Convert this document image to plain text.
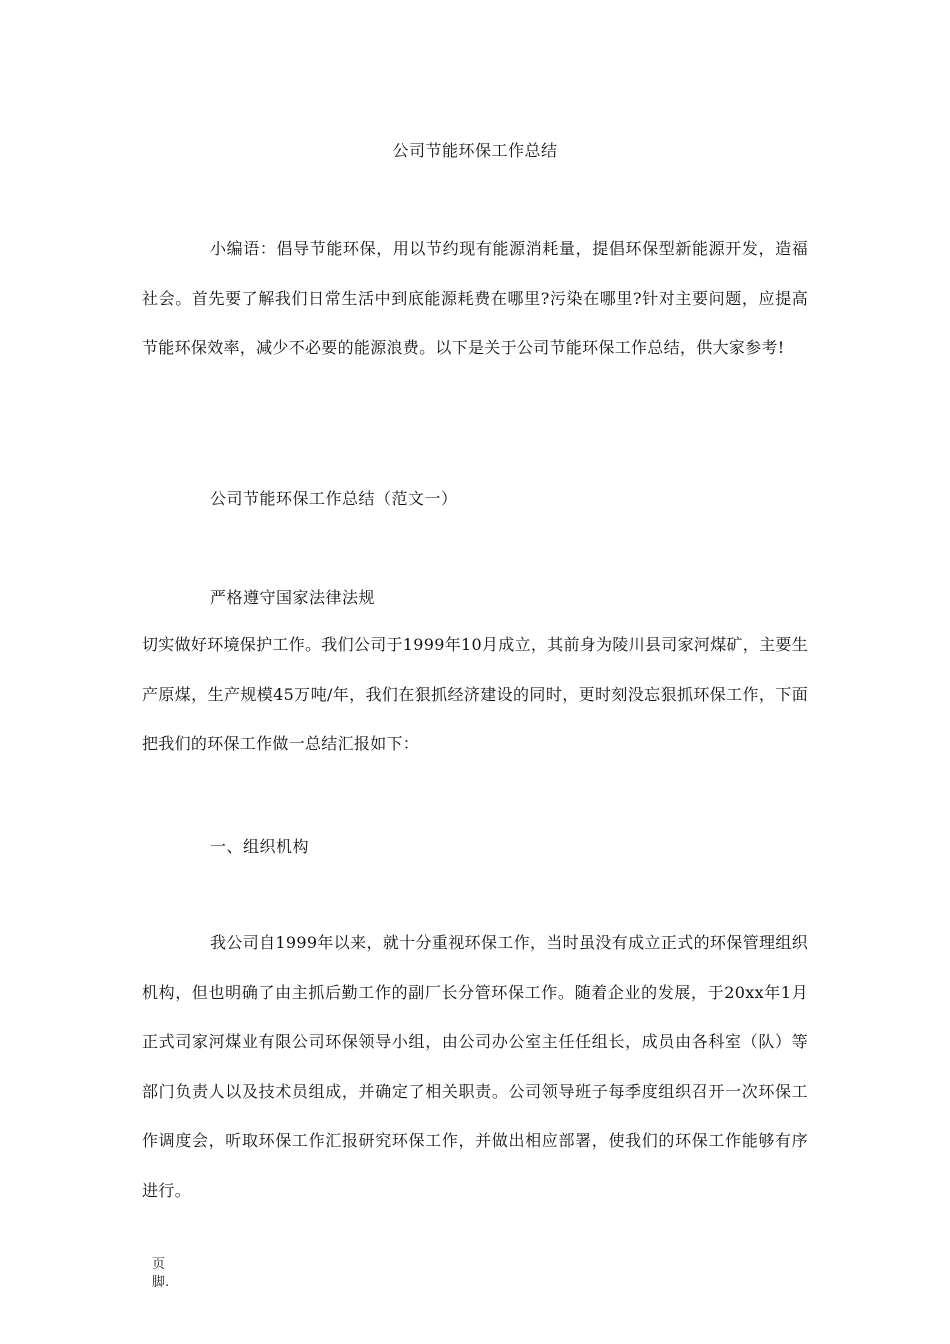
公司节能环保工作总结
小编语：倡导节能环保，用以节约现有能源消耗量，提倡环保型新能源开发，造福社会。首先要了解我们日常生活中到底能源耗费在哪里?污染在哪里?针对主要问题，应提高节能环保效率，减少不必要的能源浪费。以下是关于公司节能环保工作总结，供大家参考!
公司节能环保工作总结（范文一）
严格遵守国家法律法规
切实做好环境保护工作。我们公司于1999年10月成立，其前身为陵川县司家河煤矿，主要生产原煤，生产规模45万吨/年，我们在狠抓经济建设的同时，更时刻没忘狠抓环保工作，下面把我们的环保工作做一总结汇报如下：
一、组织机构
我公司自1999年以来，就十分重视环保工作，当时虽没有成立正式的环保管理组织机构，但也明确了由主抓后勤工作的副厂长分管环保工作。随着企业的发展，于20xx年1月正式司家河煤业有限公司环保领导小组，由公司办公室主任任组长，成员由各科室（队）等部门负责人以及技术员组成，并确定了相关职责。公司领导班子每季度组织召开一次环保工作调度会，听取环保工作汇报研究环保工作，并做出相应部署，使我们的环保工作能够有序进行。
页
脚.
